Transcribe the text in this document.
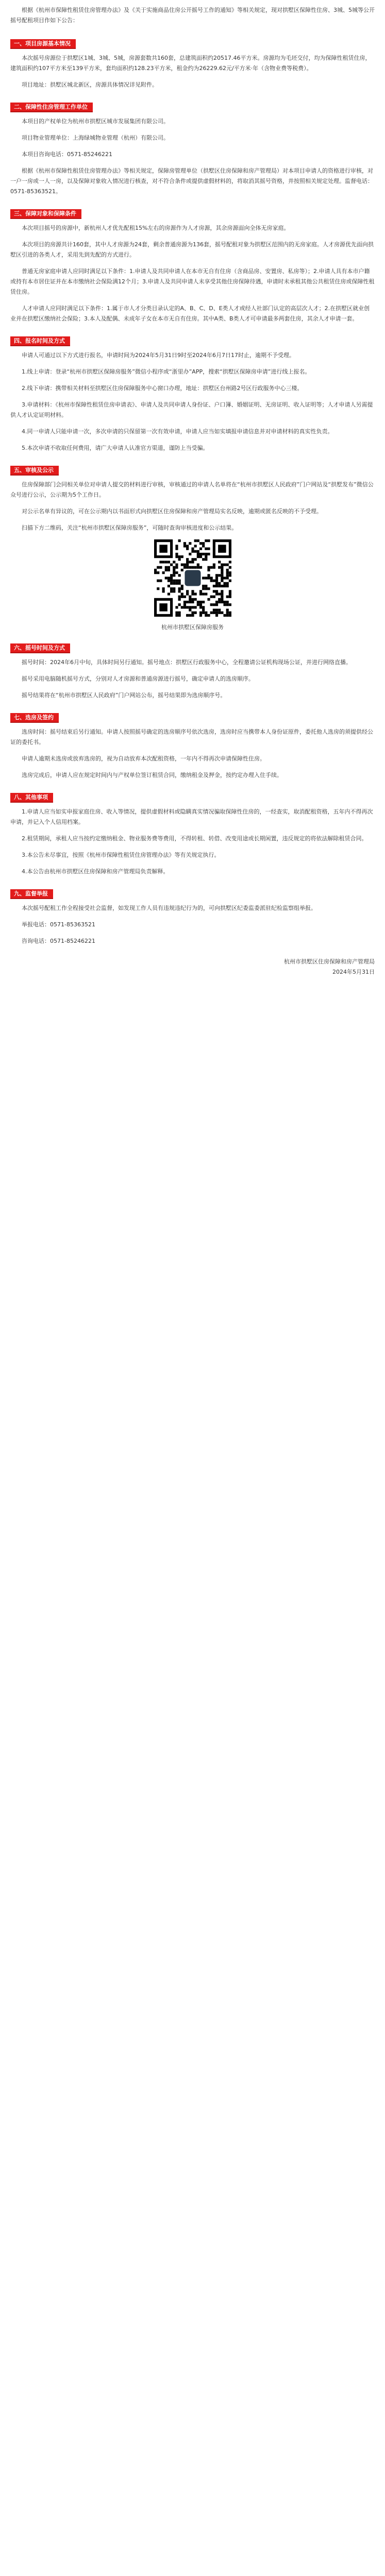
根据《杭州市保障性租赁住房管理办法》及《关于实施商品住房公开摇号工作的通知》等相关规定，现对拱墅区保障性住房、3城、5城等公开摇号配租项目作如下公告：

一、项目房源基本情况

本次摇号房源位于拱墅区1城、3城、5城，房源套数共160套，总建筑面积约20517.46平方米。房源均为毛坯交付，均为保障性租赁住房，建筑面积约107平方米至139平方米，套均面积约128.23平方米，租金约为26229.62元/平方米·年（含物业费等税费）。

项目地址：拱墅区城北新区，房源具体情况详见附件。

二、保障性住房管理工作单位

本项目的产权单位为杭州市拱墅区城市发展集团有限公司。

项目物业管理单位：上海绿城物业管理（杭州）有限公司。

本项目咨询电话：0571-85246221

根据《杭州市保障性租赁住房管理办法》等相关规定，保障房管理单位（拱墅区住房保障和房产管理局）对本项目申请人的资格进行审核，对一户一房或一人一房，以及保障对象收入情况进行核查，对不符合条件或提供虚假材料的，将取消其摇号资格，并按照相关规定处理。监督电话：0571-85363521。

三、保障对象和保障条件

本次项目摇号的房源中，新杭州人才优先配租15%左右的房源作为人才房源，其余房源面向全体无房家庭。

本次项目的房源共计160套，其中人才房源为24套，剩余普通房源为136套，摇号配租对象为拱墅区范围内的无房家庭。人才房源优先面向拱墅区引进的各类人才，采用先到先配的方式进行。

普通无房家庭申请人应同时满足以下条件：1.申请人及共同申请人在本市无自有住房（含商品房、安置房、私房等）；2.申请人具有本市户籍或持有本市居住证并在本市缴纳社会保险满12个月；3.申请人及共同申请人未享受其他住房保障待遇，申请时未承租其他公共租赁住房或保障性租赁住房。

人才申请人应同时满足以下条件：1.属于市人才分类目录认定的A、B、C、D、E类人才或经人社部门认定的高层次人才；2.在拱墅区就业创业并在拱墅区缴纳社会保险；3.本人及配偶、未成年子女在本市无自有住房。其中A类、B类人才可申请最多两套住房，其余人才申请一套。

四、报名时间及方式

申请人可通过以下方式进行报名，申请时间为2024年5月31日9时至2024年6月7日17时止，逾期不予受理。

1.线上申请：登录“杭州市拱墅区保障房服务”微信小程序或“浙里办”APP，搜索“拱墅区保障房申请”进行线上报名。

2.线下申请：携带相关材料至拱墅区住房保障服务中心窗口办理，地址：拱墅区台州路2号区行政服务中心三楼。

3.申请材料：《杭州市保障性租赁住房申请表》、申请人及共同申请人身份证、户口簿、婚姻证明、无房证明、收入证明等；人才申请人另需提供人才认定证明材料。

4.同一申请人只能申请一次，多次申请的只保留第一次有效申请，申请人应当如实填报申请信息并对申请材料的真实性负责。

5.本次申请不收取任何费用，请广大申请人认准官方渠道，谨防上当受骗。

五、审核及公示

住房保障部门会同相关单位对申请人提交的材料进行审核，审核通过的申请人名单将在“杭州市拱墅区人民政府”门户网站及“拱墅发布”微信公众号进行公示，公示期为5个工作日。

对公示名单有异议的，可在公示期内以书面形式向拱墅区住房保障和房产管理局实名反映，逾期或匿名反映的不予受理。

扫描下方二维码，关注“杭州市拱墅区保障房服务”，可随时查询审核进度和公示结果。

杭州市拱墅区保障房服务

六、摇号时间及方式

摇号时间：2024年6月中旬，具体时间另行通知。摇号地点：拱墅区行政服务中心，全程邀请公证机构现场公证，并进行网络直播。

摇号采用电脑随机摇号方式，分别对人才房源和普通房源进行摇号，确定申请人的选房顺序。

摇号结果将在“杭州市拱墅区人民政府”门户网站公布，摇号结果即为选房顺序号。

七、选房及签约

选房时间：摇号结束后另行通知。申请人按照摇号确定的选房顺序号依次选房，选房时应当携带本人身份证原件，委托他人选房的须提供经公证的委托书。

申请人逾期未选房或放弃选房的，视为自动放弃本次配租资格，一年内不得再次申请保障性住房。

选房完成后，申请人应在规定时间内与产权单位签订租赁合同，缴纳租金及押金，按约定办理入住手续。

八、其他事项

1.申请人应当如实申报家庭住房、收入等情况，提供虚假材料或隐瞒真实情况骗取保障性住房的，一经查实，取消配租资格，五年内不得再次申请，并记入个人信用档案。

2.租赁期间，承租人应当按约定缴纳租金、物业服务费等费用，不得转租、转借、改变用途或长期闲置，违反规定的将依法解除租赁合同。

3.本公告未尽事宜，按照《杭州市保障性租赁住房管理办法》等有关规定执行。

4.本公告由杭州市拱墅区住房保障和房产管理局负责解释。

九、监督举报

本次摇号配租工作全程接受社会监督，如发现工作人员有违规违纪行为的，可向拱墅区纪委监委派驻纪检监察组举报。

举报电话：0571-85363521

咨询电话：0571-85246221

杭州市拱墅区住房保障和房产管理局
2024年5月31日
